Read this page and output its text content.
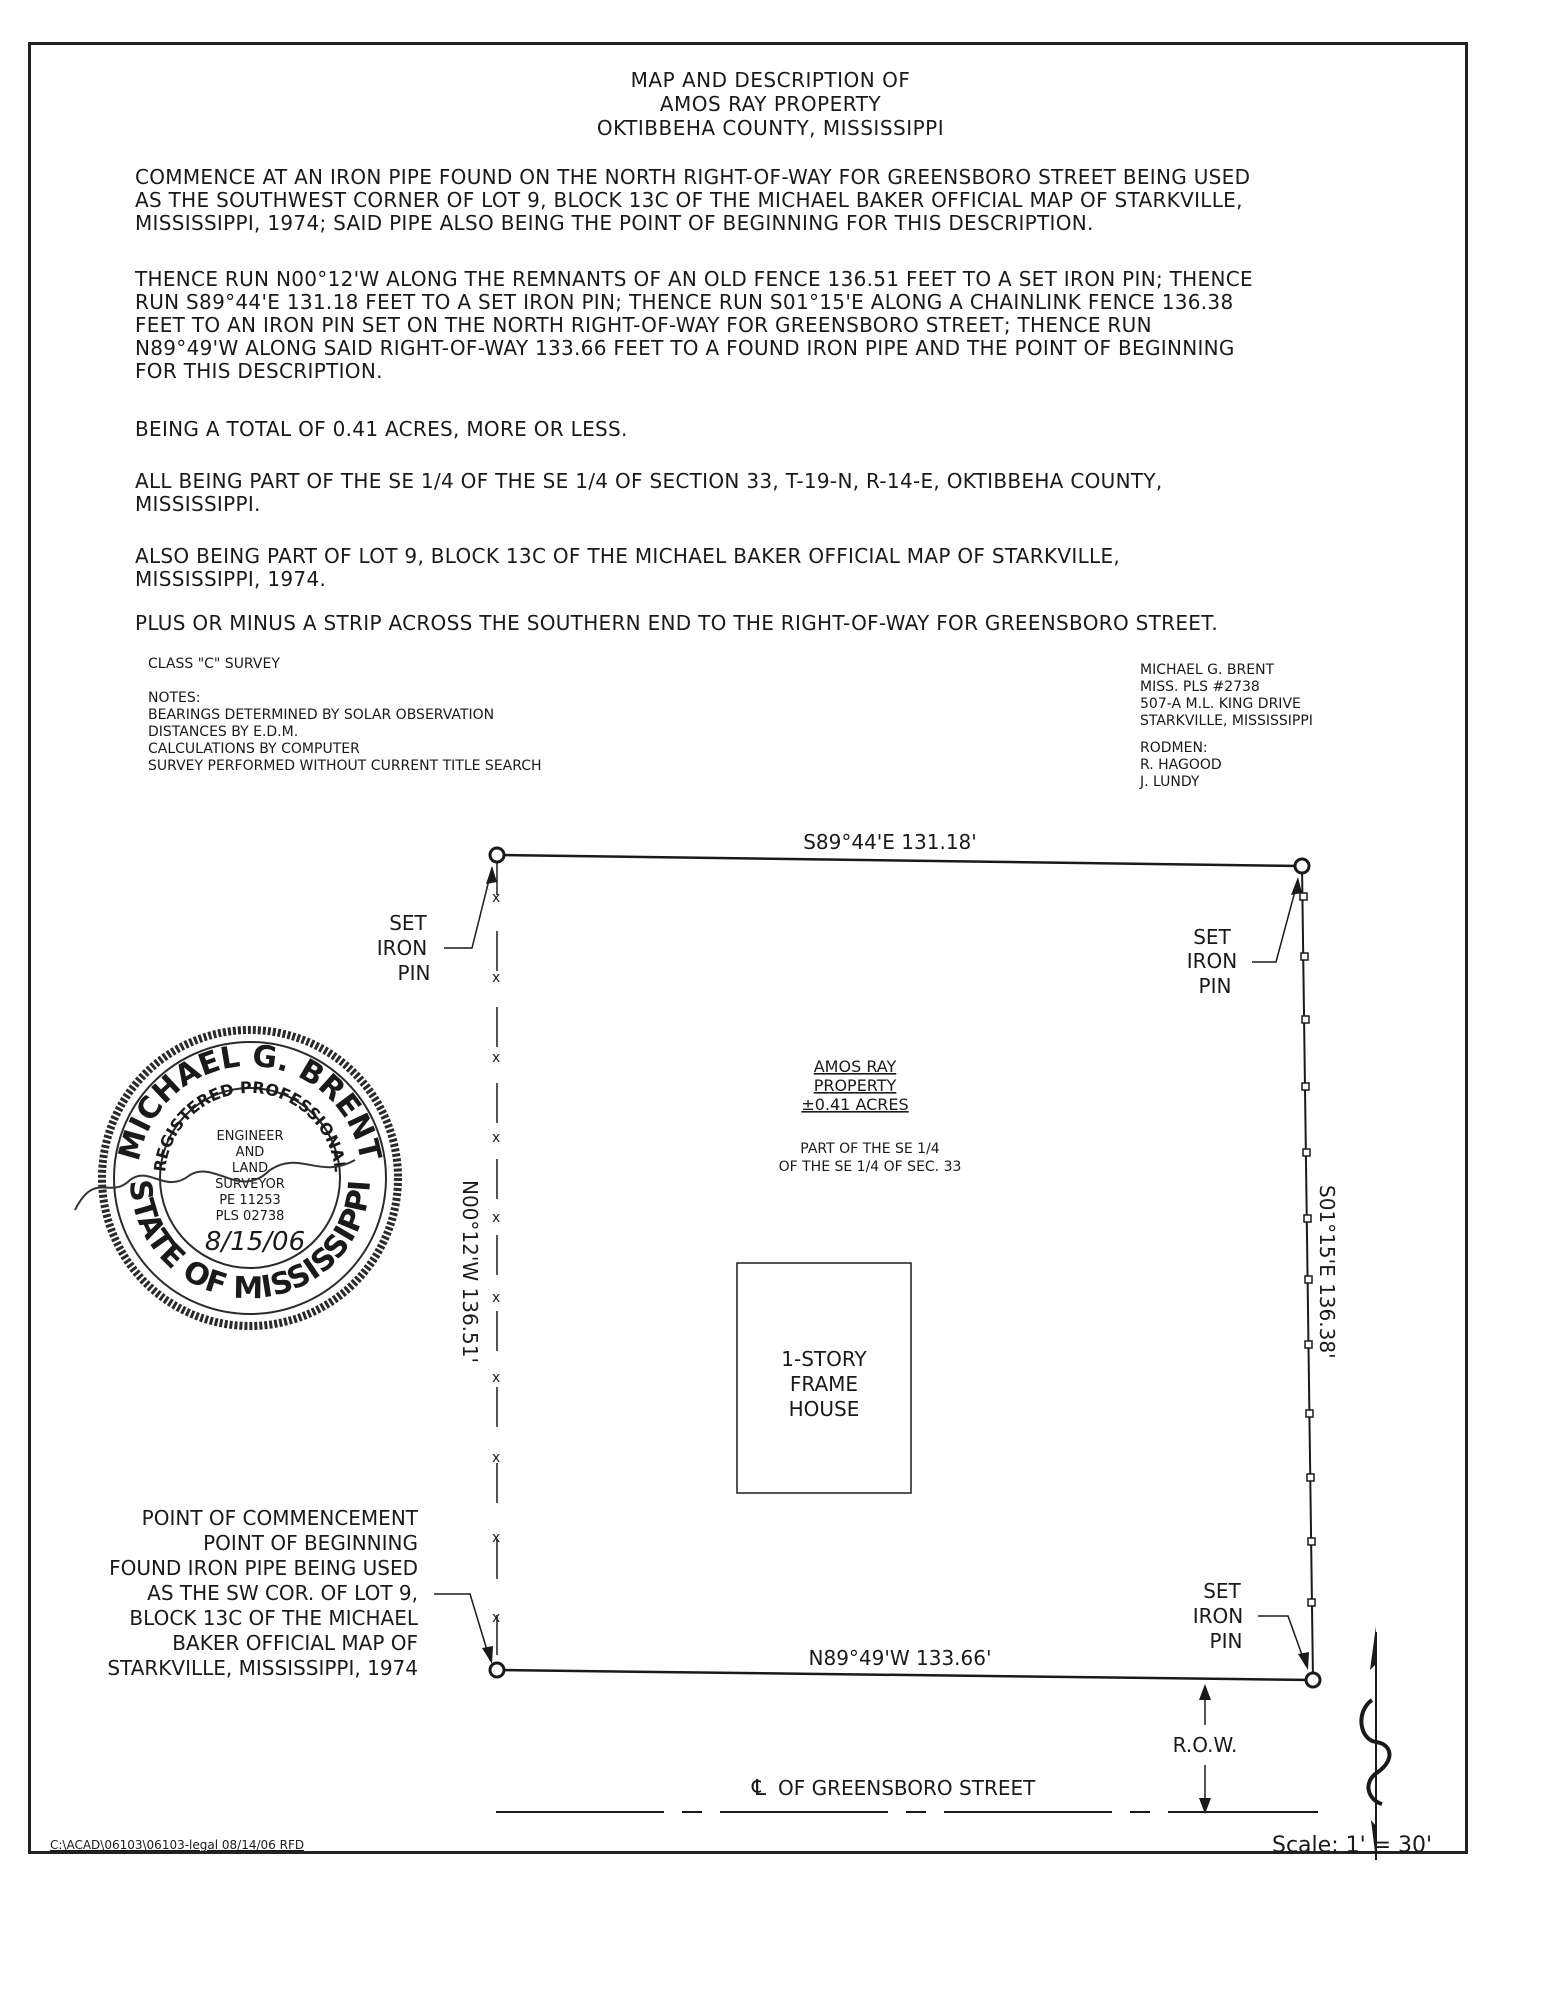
MAP AND DESCRIPTION OF
AMOS RAY PROPERTY
OKTIBBEHA COUNTY, MISSISSIPPI
COMMENCE AT AN IRON PIPE FOUND ON THE NORTH RIGHT-OF-WAY FOR GREENSBORO STREET BEING USED
AS THE SOUTHWEST CORNER OF LOT 9, BLOCK 13C OF THE MICHAEL BAKER OFFICIAL MAP OF STARKVILLE,
MISSISSIPPI, 1974; SAID PIPE ALSO BEING THE POINT OF BEGINNING FOR THIS DESCRIPTION.
THENCE RUN N00°12'W ALONG THE REMNANTS OF AN OLD FENCE 136.51 FEET TO A SET IRON PIN; THENCE
RUN S89°44'E 131.18 FEET TO A SET IRON PIN; THENCE RUN S01°15'E ALONG A CHAINLINK FENCE 136.38
FEET TO AN IRON PIN SET ON THE NORTH RIGHT-OF-WAY FOR GREENSBORO STREET; THENCE RUN
N89°49'W ALONG SAID RIGHT-OF-WAY 133.66 FEET TO A FOUND IRON PIPE AND THE POINT OF BEGINNING
FOR THIS DESCRIPTION.
BEING A TOTAL OF 0.41 ACRES, MORE OR LESS.
ALL BEING PART OF THE SE 1/4 OF THE SE 1/4 OF SECTION 33, T-19-N, R-14-E, OKTIBBEHA COUNTY,
MISSISSIPPI.
ALSO BEING PART OF LOT 9, BLOCK 13C OF THE MICHAEL BAKER OFFICIAL MAP OF STARKVILLE,
MISSISSIPPI, 1974.
PLUS OR MINUS A STRIP ACROSS THE SOUTHERN END TO THE RIGHT-OF-WAY FOR GREENSBORO STREET.
CLASS "C" SURVEY
NOTES:
BEARINGS DETERMINED BY SOLAR OBSERVATION
DISTANCES BY E.D.M.
CALCULATIONS BY COMPUTER
SURVEY PERFORMED WITHOUT CURRENT TITLE SEARCH
MICHAEL G. BRENT
MISS. PLS #2738
507-A M.L. KING DRIVE
STARKVILLE, MISSISSIPPI
RODMEN:
R. HAGOOD
J. LUNDY
x
x
x
x
x
x
x
x
x
x
S89°44'E 131.18'
N89°49'W 133.66'
N00°12'W 136.51'	S01°15'E 136.38'
SET
IRON
PIN
SET
IRON
PIN
SET
IRON
PIN
AMOS RAY
PROPERTY
±0.41 ACRES
PART OF THE SE 1/4
OF THE SE 1/4 OF SEC. 33
1-STORY
FRAME
HOUSE
POINT OF COMMENCEMENT
POINT OF BEGINNING
FOUND IRON PIPE BEING USED
AS THE SW COR. OF LOT 9,
BLOCK 13C OF THE MICHAEL
BAKER OFFICIAL MAP OF
STARKVILLE, MISSISSIPPI, 1974
R.O.W.
℄ OF GREENSBORO STREET
MICHAEL G. BRENT
STATE OF MISSISSIPPI
REGISTERED PROFESSIONAL
ENGINEER
AND
LAND
SURVEYOR
PE 11253
PLS 02738
8/15/06
C:\ACAD\06103\06103-legal 08/14/06 RFD	Scale: 1' = 30'
